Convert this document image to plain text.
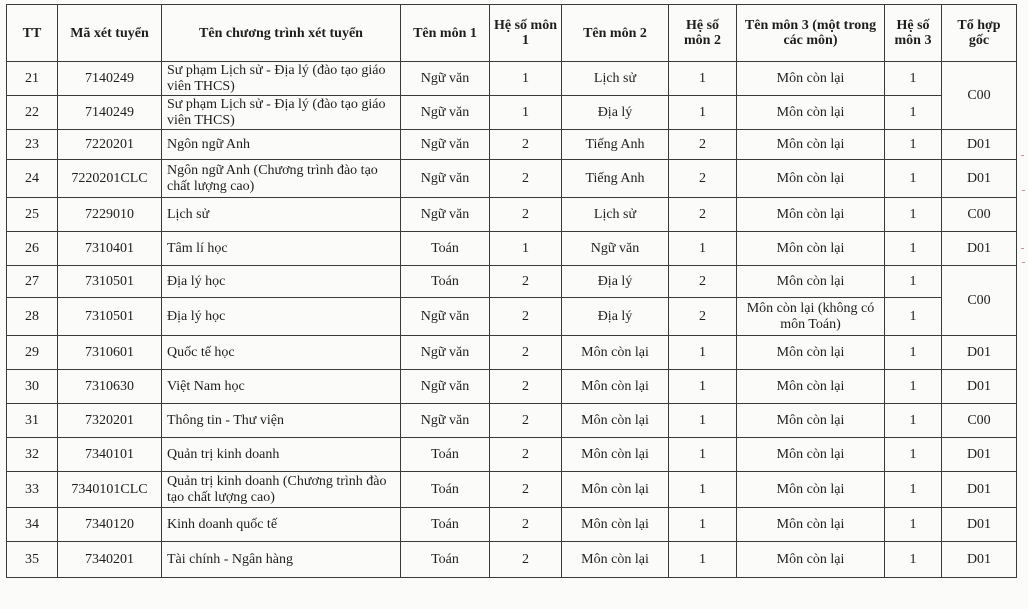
TT	Mã xét tuyển	Tên chương trình xét tuyển	Tên môn 1	Hệ số môn 1	Tên môn 2	Hệ số môn 2	Tên môn 3 (một trong các môn)	Hệ số môn 3	Tổ hợp gốc
21	7140249	Sư phạm Lịch sử - Địa lý (đào tạo giáo viên THCS)	Ngữ văn	1	Lịch sử	1	Môn còn lại	1	C00
22	7140249	Sư phạm Lịch sử - Địa lý (đào tạo giáo viên THCS)	Ngữ văn	1	Địa lý	1	Môn còn lại	1	
23	7220201	Ngôn ngữ Anh	Ngữ văn	2	Tiếng Anh	2	Môn còn lại	1	D01
24	7220201CLC	Ngôn ngữ Anh (Chương trình đào tạo chất lượng cao)	Ngữ văn	2	Tiếng Anh	2	Môn còn lại	1	D01
25	7229010	Lịch sử	Ngữ văn	2	Lịch sử	2	Môn còn lại	1	C00
26	7310401	Tâm lí học	Toán	1	Ngữ văn	1	Môn còn lại	1	D01
27	7310501	Địa lý học	Toán	2	Địa lý	2	Môn còn lại	1	C00
28	7310501	Địa lý học	Ngữ văn	2	Địa lý	2	Môn còn lại (không có môn Toán)	1	
29	7310601	Quốc tế học	Ngữ văn	2	Môn còn lại	1	Môn còn lại	1	D01
30	7310630	Việt Nam học	Ngữ văn	2	Môn còn lại	1	Môn còn lại	1	D01
31	7320201	Thông tin - Thư viện	Ngữ văn	2	Môn còn lại	1	Môn còn lại	1	C00
32	7340101	Quản trị kinh doanh	Toán	2	Môn còn lại	1	Môn còn lại	1	D01
33	7340101CLC	Quản trị kinh doanh (Chương trình đào tạo chất lượng cao)	Toán	2	Môn còn lại	1	Môn còn lại	1	D01
34	7340120	Kinh doanh quốc tế	Toán	2	Môn còn lại	1	Môn còn lại	1	D01
35	7340201	Tài chính - Ngân hàng	Toán	2	Môn còn lại	1	Môn còn lại	1	D01
